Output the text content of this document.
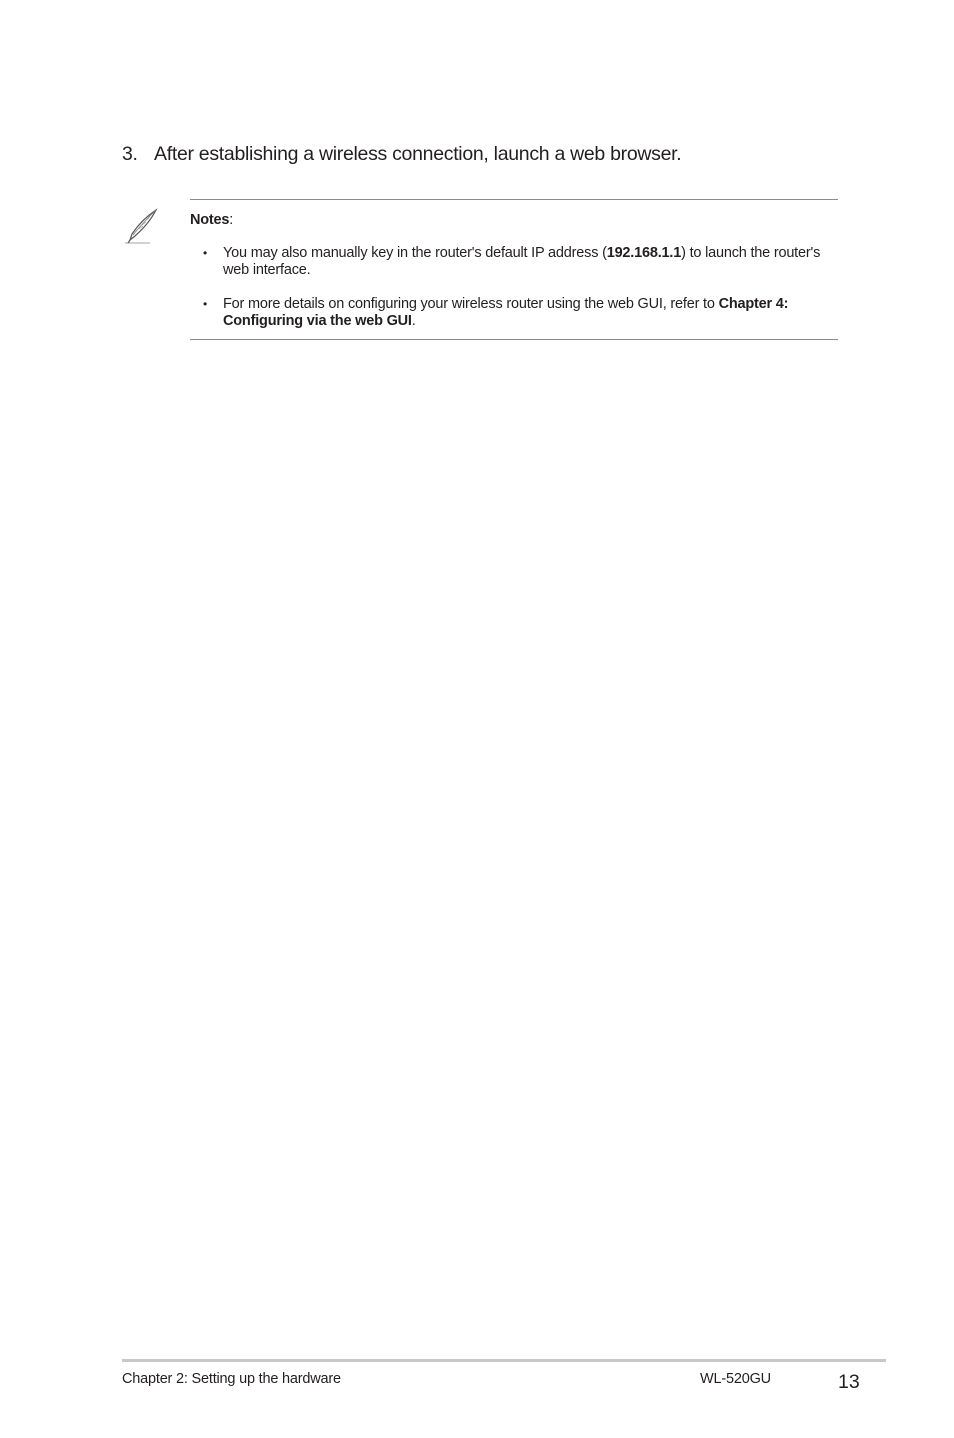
3. After establishing a wireless connection, launch a web browser.
Notes:
• You may also manually key in the router's default IP address (192.168.1.1) to launch the router's web interface.
• For more details on configuring your wireless router using the web GUI, refer to Chapter 4: Configuring via the web GUI.
Chapter 2: Setting up the hardware	WL-520GU	13
